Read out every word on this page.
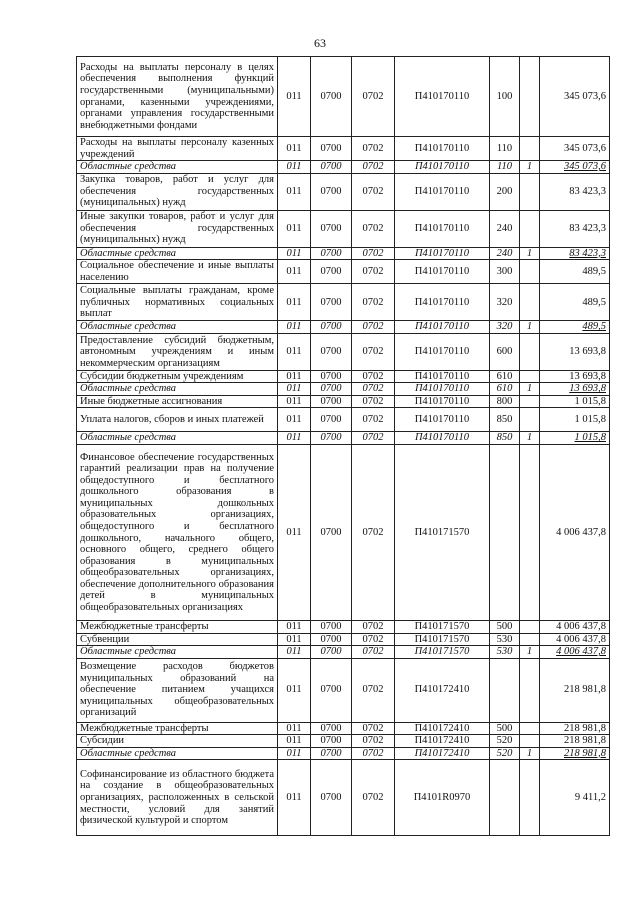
63
Расходы на выплаты персоналу в целях обеспечения выполнения функций государственными (муниципальными) органами, казенными учреждениями, органами управления государственными внебюджетными фондами	011	0700	0702	П410170110	100		345 073,6
Расходы на выплаты персоналу казенных учреждений	011	0700	0702	П410170110	110		345 073,6
Областные средства	011	0700	0702	П410170110	110	1	345 073,6
Закупка товаров, работ и услуг для обеспечения государственных (муниципальных) нужд	011	0700	0702	П410170110	200		83 423,3
Иные закупки товаров, работ и услуг для обеспечения государственных (муниципальных) нужд	011	0700	0702	П410170110	240		83 423,3
Областные средства	011	0700	0702	П410170110	240	1	83 423,3
Социальное обеспечение и иные выплаты населению	011	0700	0702	П410170110	300		489,5
Социальные выплаты гражданам, кроме публичных нормативных социальных выплат	011	0700	0702	П410170110	320		489,5
Областные средства	011	0700	0702	П410170110	320	1	489,5
Предоставление субсидий бюджетным, автономным учреждениям и иным некоммерческим организациям	011	0700	0702	П410170110	600		13 693,8
Субсидии бюджетным учреждениям	011	0700	0702	П410170110	610		13 693,8
Областные средства	011	0700	0702	П410170110	610	1	13 693,8
Иные бюджетные ассигнования	011	0700	0702	П410170110	800		1 015,8
Уплата налогов, сборов и иных платежей	011	0700	0702	П410170110	850		1 015,8
Областные средства	011	0700	0702	П410170110	850	1	1 015,8
Финансовое обеспечение государственных гарантий реализации прав на получение общедоступного и бесплатного дошкольного образования в муниципальных дошкольных образовательных организациях, общедоступного и бесплатного дошкольного, начального общего, основного общего, среднего общего образования в муниципальных общеобразовательных организациях, обеспечение дополнительного образования детей в муниципальных общеобразовательных организациях	011	0700	0702	П410171570			4 006 437,8
Межбюджетные трансферты	011	0700	0702	П410171570	500		4 006 437,8
Субвенции	011	0700	0702	П410171570	530		4 006 437,8
Областные средства	011	0700	0702	П410171570	530	1	4 006 437,8
Возмещение расходов бюджетов муниципальных образований на обеспечение питанием учащихся муниципальных общеобразовательных организаций	011	0700	0702	П410172410			218 981,8
Межбюджетные трансферты	011	0700	0702	П410172410	500		218 981,8
Субсидии	011	0700	0702	П410172410	520		218 981,8
Областные средства	011	0700	0702	П410172410	520	1	218 981,8
Софинансирование из областного бюджета на создание в общеобразовательных организациях, расположенных в сельской местности, условий для занятий физической культурой и спортом	011	0700	0702	П4101R0970			9 411,2
